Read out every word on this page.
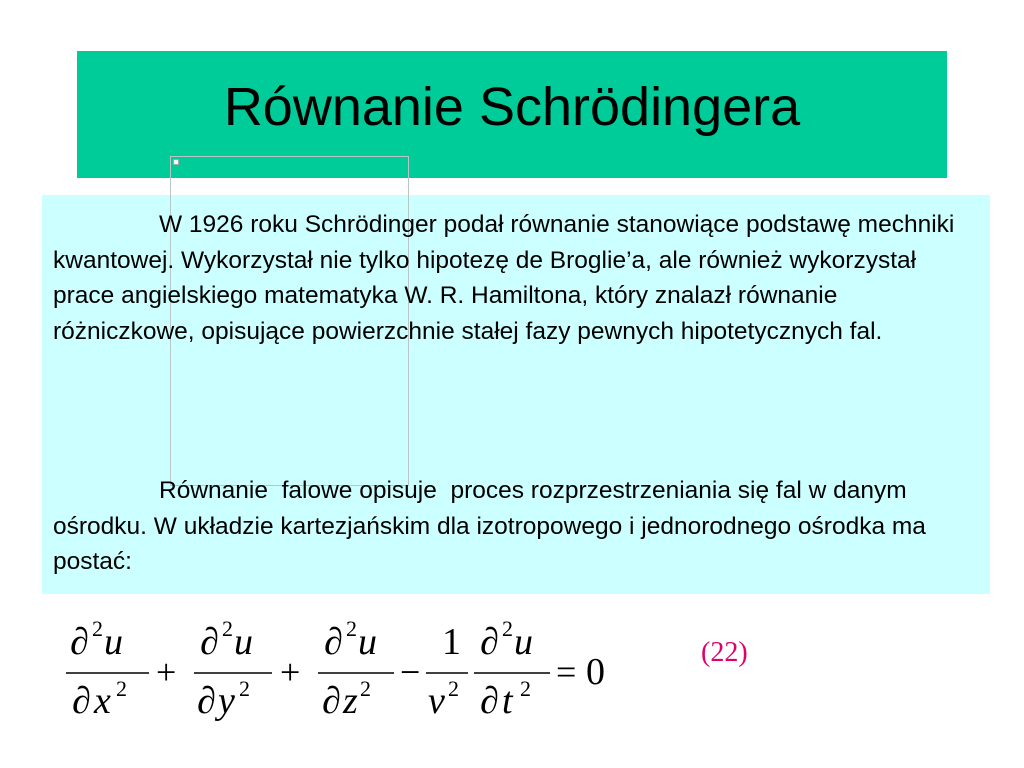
Równanie Schrödingera

W 1926 roku Schrödinger podał równanie stanowiące podstawę mechniki kwantowej. Wykorzystał nie tylko hipotezę de Broglie’a, ale również wykorzystał prace angielskiego matematyka W. R. Hamiltona, który znalazł równanie różniczkowe, opisujące powierzchnie stałej fazy pewnych hipotetycznych fal.

Równanie  falowe opisuje  proces rozprzestrzeniania się fal w danym ośrodku. W układzie kartezjańskim dla izotropowego i jednorodnego ośrodka ma postać:

∂ 2 u
∂ x 2 +
∂ 2 u
∂ y 2 +
∂ 2 u
∂ z 2 −
1
v 2
∂ 2 u
∂ t 2 = 0	(22)
